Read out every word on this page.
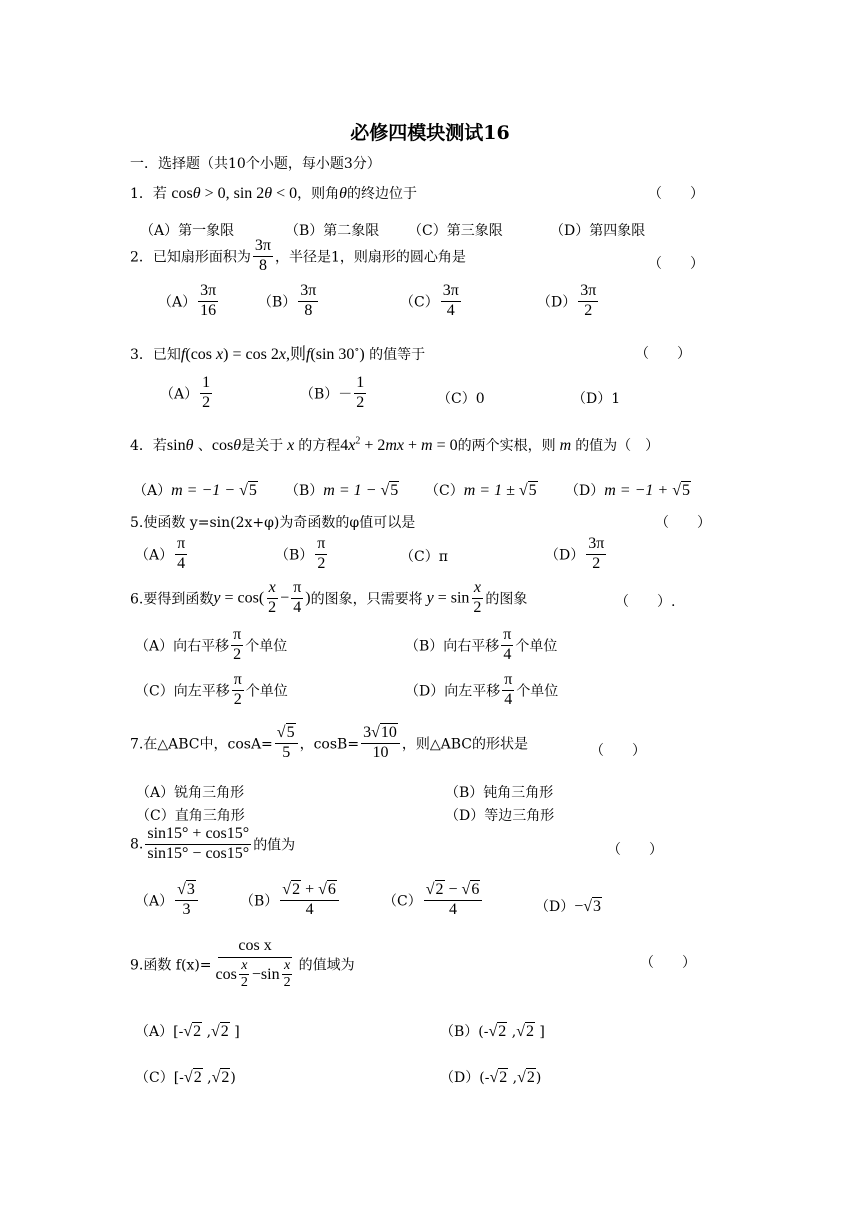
必修四模块测试16
一．选择题（共10个小题，每小题3分）
1．若 cosθ > 0, sin 2θ < 0，则角θ的终边位于	（　　）
（A）第一象限	（B）第二象限 （C）第三象限	（D）第四象限
2．已知扇形面积为 $\frac{3\pi}{8}$ ，半径是1，则扇形的圆心角是	（　　）
$(A) \frac{3\pi}{16}$	$(B) \frac{3\pi}{8}$	$(C) \frac{3\pi}{4}$	$(D) \frac{3\pi}{2}$
3．已知f(cos x) = cos 2x,则f(sin 30∘) 的值等于	（　　）
$(A) \frac{1}{2}$	$(B)- \frac{1}{2}$	（C）0	（D）1
4．若sinθ 、cosθ是关于 x 的方程$4x^2 + 2mx + m = 0$的两个实根，则 m 的值为（　）
（A）m = −1 − √5 （B）m = 1 − √5 （C）m = 1 ± √5 （D）m = −1 + √5
5.使函数 y=sin(2x+φ)为奇函数的φ值可以是	（　　）
$(A) \frac{\pi}{4}$	$(B) \frac{\pi}{2}$	（C）π	$(D) \frac{3\pi}{2}$
6.要得到函数$y = \cos( \frac{x}{2} - \frac{\pi}{4}$ )的图象，只需要将 $y = \sin \frac{x}{2}$ 的图象	（　　）.
（A）向右平移 $\frac{\pi}{2}$ 个单位	（B）向右平移 $\frac{\pi}{4}$ 个单位
（C）向左平移 $\frac{\pi}{2}$ 个单位	（D）向左平移 $\frac{\pi}{4}$ 个单位
7.在△ABC中，$\cos A= \frac{√5}{5}$ ，$\cos B= \frac{3√10}{10}$ ，则△ABC的形状是	（　　）
（A）锐角三角形	（B）钝角三角形
（C）直角三角形	（D）等边三角形
8. $\frac{\sin 15^\circ + \cos 15^\circ}{\sin 15^\circ - \cos 15^\circ}$ 的值为	（　　）
$(A) \frac{√3}{3}$	$(B) \frac{√2 + √6}{4}$	$(C) \frac{√2 - √6}{4}$	（D）−√3
9.函数 $f(x)= \frac{\text{cos x}}{\cos \frac{x}{2} -\sin \frac{x}{2}}$ 的值域为	（　　）
（A）[-√2 ,√2 ]	（B）(-√2 ,√2 ]
（C）[-√2 ,√2)	（D）(-√2 ,√2)
